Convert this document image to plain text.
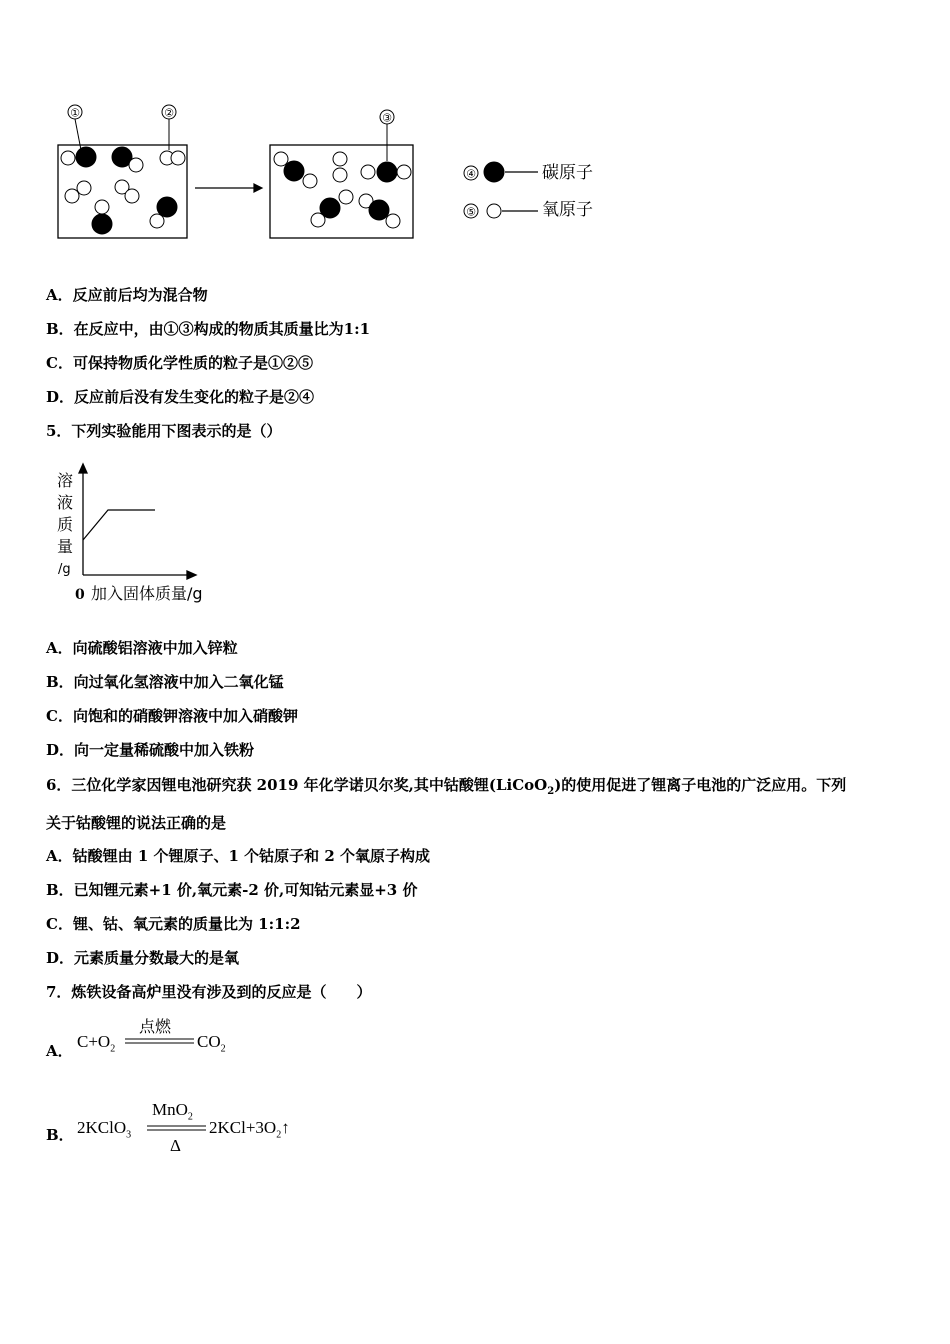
①	②	③
④
⑤
碳原子
氧原子
A．反应前后均为混合物
B．在反应中，由①③构成的物质其质量比为1:1
C．可保持物质化学性质的粒子是①②⑤
D．反应前后没有发生变化的粒子是②④
5．下列实验能用下图表示的是（）
溶
液
质
量
/g
0 加入固体质量/g
A．向硫酸铝溶液中加入锌粒
B．向过氧化氢溶液中加入二氧化锰
C．向饱和的硝酸钾溶液中加入硝酸钾
D．向一定量稀硫酸中加入铁粉
6．三位化学家因锂电池研究获 2019 年化学诺贝尔奖,其中钴酸锂(LiCoO$_2$)的使用促进了锂离子电池的广泛应用。下列
关于钴酸锂的说法正确的是
A．钴酸锂由 1 个锂原子、1 个钴原子和 2 个氧原子构成
B．已知锂元素+1 价,氧元素-2 价,可知钴元素显+3 价
C．锂、钴、氧元素的质量比为 1:1:2
D．元素质量分数最大的是氧
7．炼铁设备高炉里没有涉及到的反应是（　　）
A． $C+O_2$
点燃
$CO_2$
B． 2KClO$_3$
MnO$_2$
Δ
$2KCl+3O_2↑$
